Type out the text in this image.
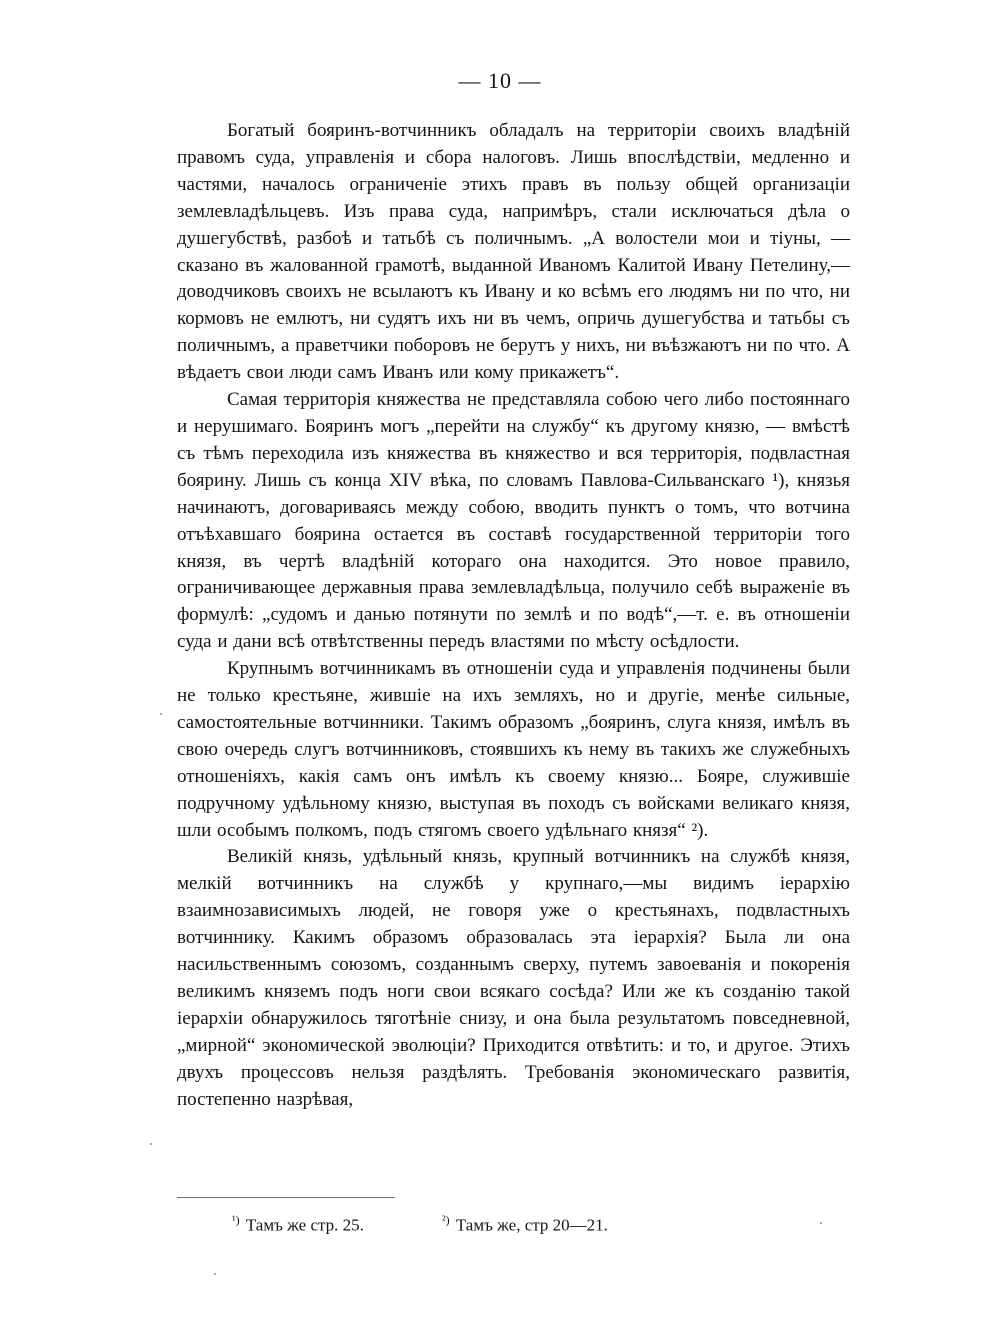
— 10 —

Богатый бояринъ-вотчинникъ обладалъ на территоріи своихъ владѣній правомъ суда, управленія и сбора налоговъ. Лишь впослѣдствіи, медленно и частями, началось ограниченіе этихъ правъ въ пользу общей организаціи землевладѣльцевъ. Изъ права суда, напримѣръ, стали исключаться дѣла о душегубствѣ, разбоѣ и татьбѣ съ поличнымъ. „А волостели мои и тіуны, — сказано въ жалованной грамотѣ, выданной Иваномъ Калитой Ивану Петелину,—доводчиковъ своихъ не всылаютъ къ Ивану и ко всѣмъ его людямъ ни по что, ни кормовъ не емлютъ, ни судятъ ихъ ни въ чемъ, опричь душегубства и татьбы съ поличнымъ, а праветчики поборовъ не берутъ у нихъ, ни въѣзжаютъ ни по что. А вѣдаетъ свои люди самъ Иванъ или кому прикажетъ“.

Самая территорія княжества не представляла собою чего либо постояннаго и нерушимаго. Бояринъ могъ „перейти на службу“ къ другому князю, — вмѣстѣ съ тѣмъ переходила изъ княжества въ княжество и вся территорія, подвластная боярину. Лишь съ конца XIV вѣка, по словамъ Павлова-Сильванскаго ¹), князья начинаютъ, договариваясь между собою, вводить пунктъ о томъ, что вотчина отъѣхавшаго боярина остается въ составѣ государственной территоріи того князя, въ чертѣ владѣній котораго она находится. Это новое правило, ограничивающее державныя права землевладѣльца, получило себѣ выраженіе въ формулѣ: „судомъ и данью потянути по землѣ и по водѣ“,—т. е. въ отношеніи суда и дани всѣ отвѣтственны передъ властями по мѣсту осѣдлости.

Крупнымъ вотчинникамъ въ отношеніи суда и управленія подчинены были не только крестьяне, жившіе на ихъ земляхъ, но и другіе, менѣе сильные, самостоятельные вотчинники. Такимъ образомъ „бояринъ, слуга князя, имѣлъ въ свою очередь слугъ вотчинниковъ, стоявшихъ къ нему въ такихъ же служебныхъ отношеніяхъ, какія самъ онъ имѣлъ къ своему князю... Бояре, служившіе подручному удѣльному князю, выступая въ походъ съ войсками великаго князя, шли особымъ полкомъ, подъ стягомъ своего удѣльнаго князя“ ²).

Великій князь, удѣльный князь, крупный вотчинникъ на службѣ князя, мелкій вотчинникъ на службѣ у крупнаго,—мы видимъ іерархію взаимнозависимыхъ людей, не говоря уже о крестьянахъ, подвластныхъ вотчиннику. Какимъ образомъ образовалась эта іерархія? Была ли она насильственнымъ союзомъ, созданнымъ сверху, путемъ завоеванія и покоренія великимъ княземъ подъ ноги свои всякаго сосѣда? Или же къ созданію такой іерархіи обнаружилось тяготѣніе снизу, и она была результатомъ повседневной, „мирной“ экономической эволюціи? Приходится отвѣтить: и то, и другое. Этихъ двухъ процессовъ нельзя раздѣлять. Требованія экономическаго развитія, постепенно назрѣвая,

$^{^1)}$ Тамъ же стр. 25.	$^{^2)}$ Тамъ же, стр 20—21.
